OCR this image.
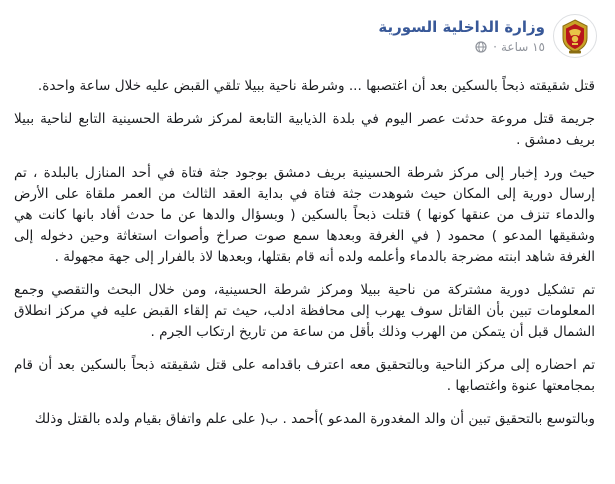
وزارة الداخلية السورية
١٥ ساعة
·

قتل شقيقته ذبحاً بالسكين بعد أن اغتصبها ... وشرطة ناحية ببيلا تلقي القبض عليه خلال ساعة واحدة.

جريمة قتل مروعة حدثت عصر اليوم في بلدة الذيابية التابعة لمركز شرطة الحسينية التابع لناحية ببيلا بريف دمشق .

حيث ورد إخبار إلى مركز شرطة الحسينية بريف دمشق بوجود جثة فتاة في أحد المنازل بالبلدة ، تم إرسال دورية إلى المكان حيث شوهدت جثة فتاة في بداية العقد الثالث من العمر ملقاة على الأرض والدماء تنزف من عنقها كونها ) قتلت ذبحاً بالسكين ( وبسؤال والدها عن ما حدث أفاد بانها كانت هي وشقيقها المدعو ) محمود ( في الغرفة وبعدها سمع صوت صراخ وأصوات استغاثة وحين دخوله إلى الغرفة شاهد ابنته مضرجة بالدماء وأعلمه ولده أنه قام بقتلها، وبعدها لاذ بالفرار إلى جهة مجهولة .

تم تشكيل دورية مشتركة من ناحية ببيلا ومركز شرطة الحسينية، ومن خلال البحث والتقصي وجمع المعلومات تبين بأن القاتل سوف يهرب إلى محافظة ادلب، حيث تم إلقاء القبض عليه في مركز انطلاق الشمال قبل أن يتمكن من الهرب وذلك بأقل من ساعة من تاريخ ارتكاب الجرم .

تم احضاره إلى مركز الناحية وبالتحقيق معه اعترف باقدامه على قتل شقيقته ذبحاً بالسكين بعد أن قام بمجامعتها عنوة واغتصابها .

وبالتوسع بالتحقيق تبين أن والد المغدورة المدعو )أحمد . ب( على علم واتفاق بقيام ولده بالقتل وذلك
